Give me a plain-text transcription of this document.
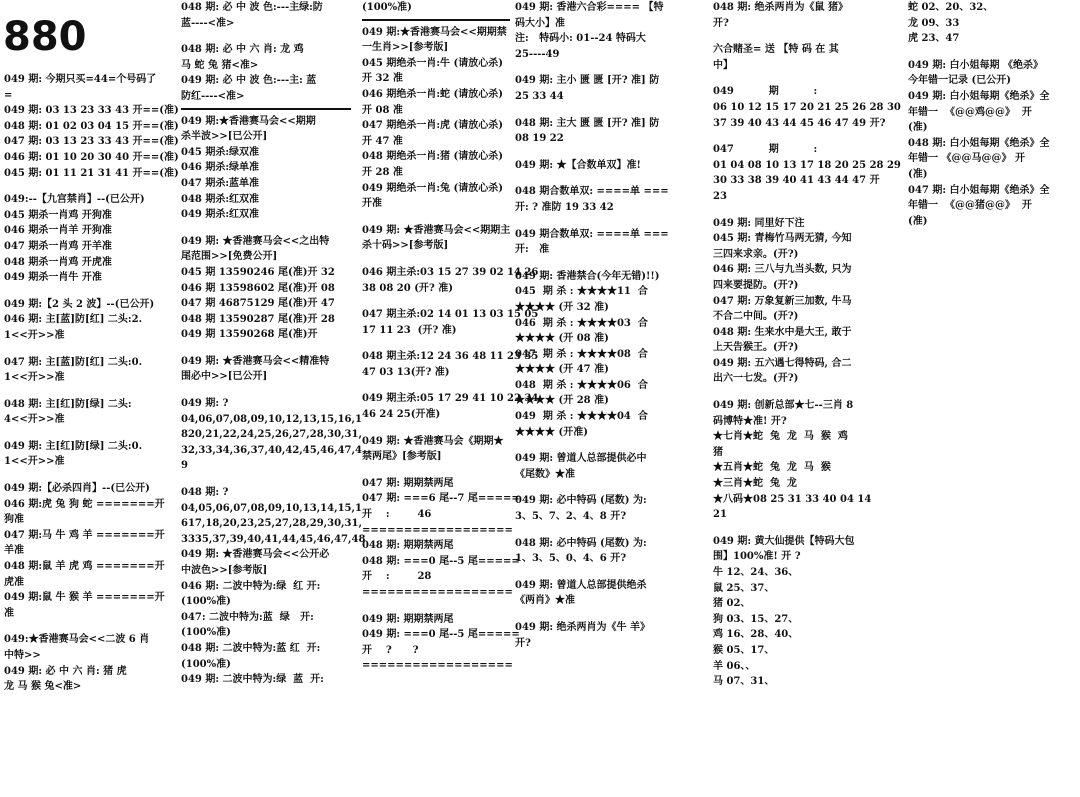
880
049 期: 今期只买=44=个号码了
=
049 期: 03 13 23 33 43 开==(准)
048 期: 01 02 03 04 15 开==(准)
047 期: 03 13 23 33 43 开==(准)
046 期: 01 10 20 30 40 开==(准)
045 期: 01 11 21 31 41 开==(准)
049:--【九宫禁肖】--(已公开)
045 期杀一肖鸡 开狗准
046 期杀一肖羊 开狗准
047 期杀一肖鸡 开羊准
048 期杀一肖鸡 开虎准
049 期杀一肖牛 开准
049 期:【2 头 2 波】--(已公开)
046 期: 主[蓝]防[红] 二头:2.
1<<开>>准
047 期: 主[蓝]防[红] 二头:0.
1<<开>>准
048 期: 主[红]防[绿] 二头:
4<<开>>准
049 期: 主[红]防[绿] 二头:0.
1<<开>>准
049 期:【必杀四肖】--(已公开)
046 期:虎 兔 狗 蛇 =======开
狗准
047 期:马 牛 鸡 羊 =======开
羊准
048 期:鼠 羊 虎 鸡 =======开
虎准
049 期:鼠 牛 猴 羊 =======开
准
049:★香港赛马会<<二波 6 肖
中特>>
049 期: 必 中 六 肖: 猪 虎
龙 马 猴 兔<准>
048 期: 必 中 波 色:---主绿:防
蓝----<准>
048 期: 必 中 六 肖: 龙 鸡
马 蛇 兔 猪<准>
049 期: 必 中 波 色:---主: 蓝
防红----<准>
049 期:★香港赛马会<<期期
杀半波>>[已公开]
045 期杀:绿双准
046 期杀:绿单准
047 期杀:蓝单准
048 期杀:红双准
049 期杀:红双准
049 期: ★香港赛马会<<之出特
尾范围>>[免费公开]
045 期 13590246 尾(准)开 32
046 期 13598602 尾(准)开 08
047 期 46875129 尾(准)开 47
048 期 13590287 尾(准)开 28
049 期 13590268 尾(准)开
049 期: ★香港赛马会<<精准特
围必中>>[已公开]
049 期: ?
04,06,07,08,09,10,12,13,15,16,1
820,21,22,24,25,26,27,28,30,31,
32,33,34,36,37,40,42,45,46,47,4
9
048 期: ?
04,05,06,07,08,09,10,13,14,15,1
617,18,20,23,25,27,28,29,30,31,
3335,37,39,40,41,44,45,46,47,48
049 期: ★香港赛马会<<公开必
中波色>>[参考版]
046 期: 二波中特为:绿  红 开:
(100%准)
047: 二波中特为:蓝  绿   开:
(100%准)
048 期: 二波中特为:蓝 红  开:
(100%准)
049 期: 二波中特为:绿  蓝  开:
(100%准)
049 期:★香港赛马会<<期期禁
一生肖>>[参考版]
045 期绝杀一肖:牛 (请放心杀)
开 32 准
046 期绝杀一肖:蛇 (请放心杀)
开 08 准
047 期绝杀一肖:虎 (请放心杀)
开 47 准
048 期绝杀一肖:猪 (请放心杀)
开 28 准
049 期绝杀一肖:兔 (请放心杀)
开准
049 期: ★香港赛马会<<期期主
杀十码>>[参考版]
046 期主杀:03 15 27 39 02 14 26
38 08 20 (开? 准)
047 期主杀:02 14 01 13 03 15 05
17 11 23  (开? 准)
048 期主杀:12 24 36 48 11 23 35
47 03 13(开? 准)
049 期主杀:05 17 29 41 10 22 34
46 24 25(开准)
049 期: ★香港赛马会《期期★
禁两尾》[参考版]
047 期: 期期禁两尾
047 期: ===6 尾--7 尾=====
开    :        46
==================
048 期: 期期禁两尾
048 期: ===0 尾--5 尾=====
开    :        28
==================
049 期: 期期禁两尾
049 期: ===0 尾--5 尾=====
开    ?      ?
==================
049 期: 香港六合彩==== 【特
码大小】准
注:   特码小: 01--24 特码大
25----49
049 期: 主小 匮 匮 [开? 准] 防
25 33 44
048 期: 主大 匮 匮 [开? 准] 防
08 19 22
049 期: ★【合数单双】准!
048 期合数单双: ====单 ===
开: ? 准防 19 33 42
049 期合数单双: ====单 ===
开:   准
049 期: 香港禁合(今年无错)!!)
045  期 杀 : ★★★★11  合
★★★★ (开 32 准)
046  期 杀 : ★★★★03  合
★★★★ (开 08 准)
047  期 杀 : ★★★★08  合
★★★★ (开 47 准)
048  期 杀 : ★★★★06  合
★★★★ (开 28 准)
049  期 杀 : ★★★★04  合
★★★★ (开准)
049 期: 曾道人总部提供必中
《尾数》★准
049 期: 必中特码 (尾数) 为:
3、5、7、2、4、8 开?
048 期: 必中特码 (尾数) 为:
1、3、5、0、4、6 开?
049 期: 曾道人总部提供绝杀
《两肖》★准
049 期: 绝杀两肖为《牛 羊》
开?
048 期: 绝杀两肖为《鼠 猪》
开?
六合赌圣= 送 【特 码 在 其
中】
049          期          :
06 10 12 15 17 20 21 25 26 28 30
37 39 40 43 44 45 46 47 49 开?
047          期          :
01 04 08 10 13 17 18 20 25 28 29
30 33 38 39 40 41 43 44 47 开
23
049 期: 同里好下注
045 期: 青梅竹马两无猜, 今知
三四来求亲。(开?)
046 期: 三八与九当头数, 只为
四来要提防。(开?)
047 期: 万象复新三加数, 牛马
不合二中间。(开?)
048 期: 生来水中是大王, 敢于
上天告猴王。(开?)
049 期: 五六遇七得特码, 合二
出六一七发。(开?)
049 期: 创新总部★七--三肖 8
码博特★准! 开?
★七肖★蛇  兔  龙  马  猴  鸡
猪
★五肖★蛇  兔  龙  马  猴
★三肖★蛇  兔  龙
★八码★08 25 31 33 40 04 14
21
049 期: 黄大仙提供【特码大包
围】100%准! 开 ?
牛 12、24、36、
鼠 25、37、
猪 02、
狗 03、15、27、
鸡 16、28、40、
猴 05、17、
羊 06、、
马 07、31、
蛇 02、20、32、
龙 09、33
虎 23、47
049 期: 白小姐每期 《绝杀》
今年错一记录 (已公开)
049 期: 白小姐每期《绝杀》全
年错一  《@@鸡@@》  开
(准)
048 期: 白小姐每期《绝杀》全
年错一 《@@马@@》 开
(准)
047 期: 白小姐每期《绝杀》全
年错一  《@@猪@@》  开
(准)
